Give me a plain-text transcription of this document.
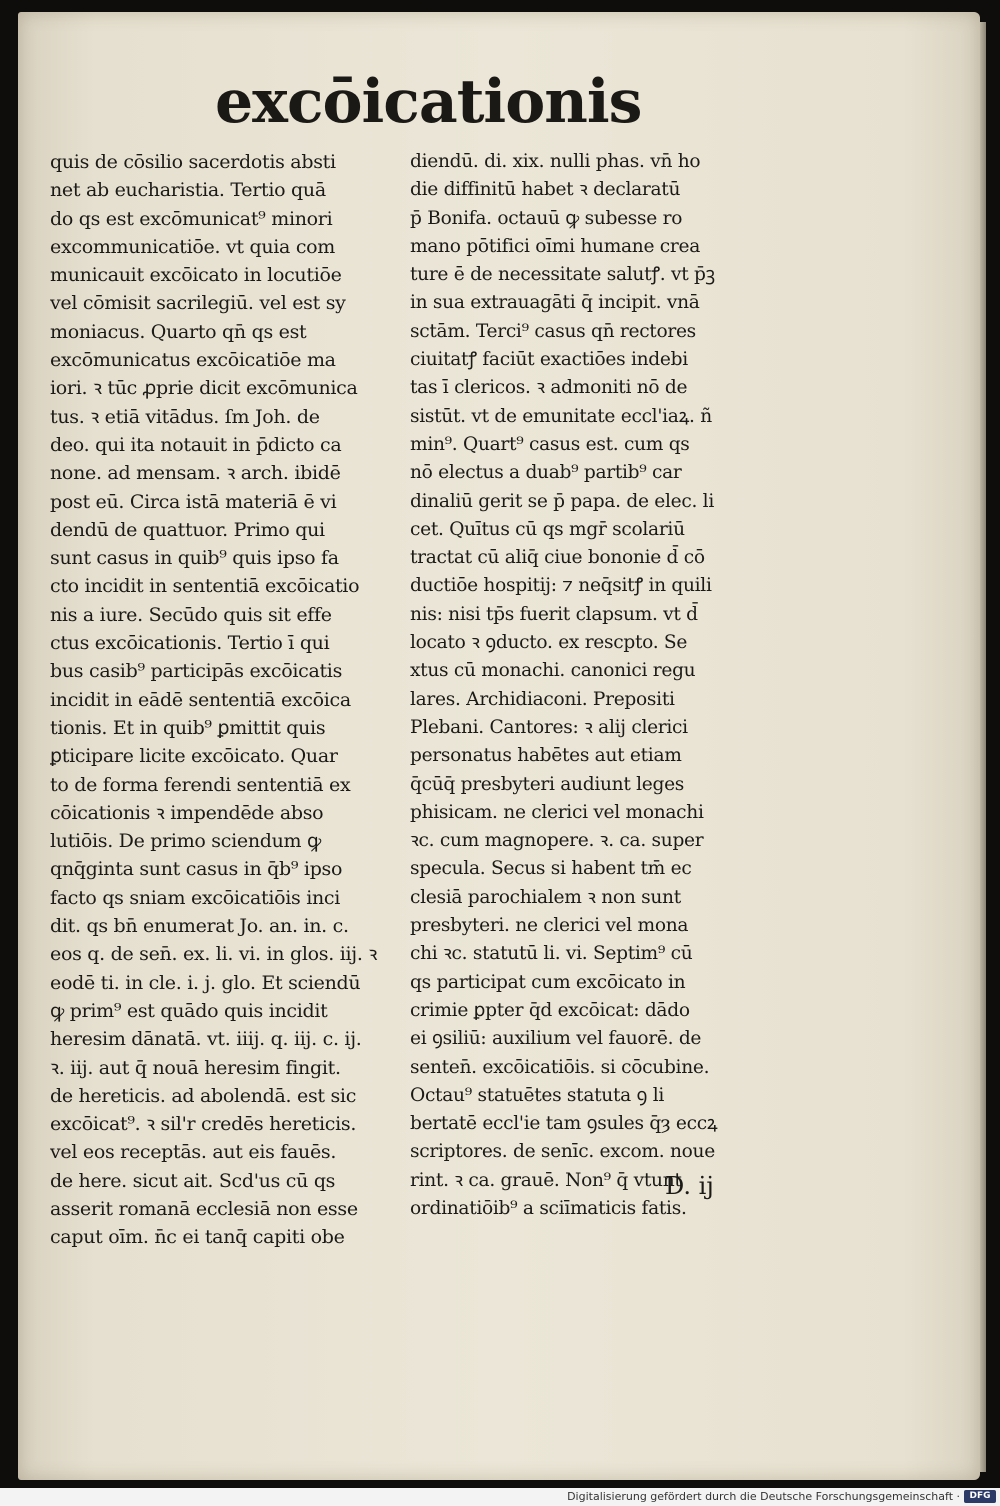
excōicationis
quis de cōsilio sacerdotis absti
net ab eucharistia. Tertio quā
do qs est excōmunicat⁹ minori
excommunicatiōe. vt quia com
municauit excōicato in locutiōe
vel cōmisit sacrilegiū. vel est sy
moniacus. Quarto qn̄ qs est
excōmunicatus excōicatiōe ma
iori. ꝛ tūc ꝓprie dicit excōmunica
tus. ꝛ etiā vitādus. ſm Joh. de
deo. qui ita notauit in p̄dicto ca
none. ad mensam. ꝛ arch. ibidē
post eū. Circa istā materiā ē vi
dendū de quattuor. Primo qui
sunt casus in quib⁹ quis ipso fa
cto incidit in sententiā excōicatio
nis a iure. Secūdo quis sit effe
ctus excōicationis. Tertio ī qui
bus casib⁹ participās excōicatis
incidit in eādē sententiā excōica
tionis. Et in quib⁹ ꝑmittit quis
ꝑticipare licite excōicato. Quar
to de forma ferendi sententiā ex
cōicationis ꝛ impendēde abso
lutiōis. De primo sciendum ꝙ
qnq̄ginta sunt casus in q̄b⁹ ipso
facto qs sniam excōicatiōis inci
dit. qs bn̄ enumerat Jo. an. in. c.
eos q. de sen̄. ex. li. vi. in glos. iij. ꝛ
eodē ti. in cle. i. j. glo. Et sciendū
ꝙ prim⁹ est quādo quis incidit
heresim dānatā. vt. iiij. q. iij. c. ij.
ꝛ. iij. aut q̄ nouā heresim fingit.
de hereticis. ad abolendā. est sic
excōicat⁹. ꝛ sil'r credēs hereticis.
vel eos receptās. aut eis fauēs.
de here. sicut ait. Scd'us cū qs
asserit romanā ecclesiā non esse
caput oīm. n̄c ei tanq̄ capiti obe
diendū. di. xix. nulli phas. vn̄ ho
die diffinitū habet ꝛ declaratū
p̄ Bonifa. octauū ꝙ subesse ro
mano pōtifici oīmi humane crea
ture ē de necessitate salutꝭ. vt p̄ꝫ
in sua extrauagāti q̄ incipit. vnā
sctām. Terci⁹ casus qn̄ rectores
ciuitatꝭ faciūt exactiōes indebi
tas ī clericos. ꝛ admoniti nō de
sistūt. vt de emunitate eccl'iaꝝ. ñ
min⁹. Quart⁹ casus est. cum qs
nō electus a duab⁹ partib⁹ car
dinaliū gerit se p̄ papa. de elec. li
cet. Quītus cū qs mgr̄ scolariū
tractat cū aliq̄ ciue bononie d̄ cō
ductiōe hospitij: ⁊ neq̄sitꝭ in quili
nis: nisi tp̄s fuerit clapsum. vt d̄
locato ꝛ ꝯducto. ex rescpto. Se
xtus cū monachi. canonici regu
lares. Archidiaconi. Prepositi
Plebani. Cantores: ꝛ alij clerici
personatus habētes aut etiam
q̄cūq̄ presbyteri audiunt leges
phisicam. ne clerici vel monachi
ꝛc. cum magnopere. ꝛ. ca. super
specula. Secus si habent tm̄ ec
clesiā parochialem ꝛ non sunt
presbyteri. ne clerici vel mona
chi ꝛc. statutū li. vi. Septim⁹ cū
qs participat cum excōicato in
crimie ꝑpter q̄d excōicat: dādo
ei ꝯsiliū: auxilium vel fauorē. de
senten̄. excōicatiōis. si cōcubine.
Octau⁹ statuētes statuta ꝯ li
bertatē eccl'ie tam ꝯsules q̄ȝ eccꝝ
scriptores. de senīc. excom. noue
rint. ꝛ ca. grauē. Non⁹ q̄ vtunt
ordinatiōib⁹ a sciīmaticis fatis.
D. ij
Digitalisierung gefördert durch die Deutsche Forschungsgemeinschaft ·	DFG
